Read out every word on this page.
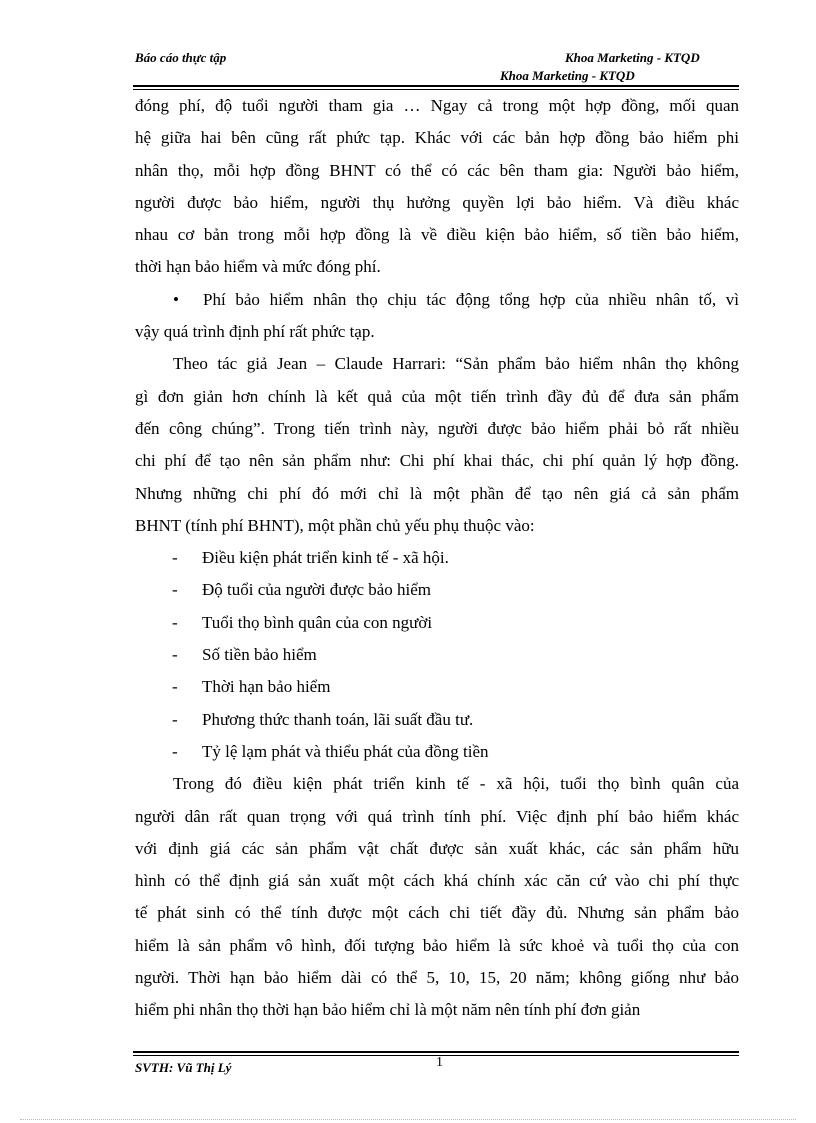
Báo cáo thực tập	Khoa Marketing - KTQD
Khoa Marketing - KTQD
đóng phí, độ tuổi người tham gia … Ngay cả trong một hợp đồng, mối quan
hệ giữa hai bên cũng rất phức tạp. Khác với các bản hợp đồng bảo hiểm phi
nhân thọ, mỗi hợp đồng BHNT có thể có các bên tham gia: Người bảo hiểm,
người được bảo hiểm, người thụ hưởng quyền lợi bảo hiểm. Và điều khác
nhau cơ bản trong mỗi hợp đồng là về điều kiện bảo hiểm, số tiền bảo hiểm,
thời hạn bảo hiểm và mức đóng phí.
•	Phí bảo hiểm nhân thọ chịu tác động tổng hợp của nhiều nhân tố, vì
vậy quá trình định phí rất phức tạp.
Theo tác giả Jean – Claude Harrari: “Sản phẩm bảo hiểm nhân thọ không
gì đơn giản hơn chính là kết quả của một tiến trình đầy đủ để đưa sản phẩm
đến công chúng”. Trong tiến trình này, người được bảo hiểm phải bỏ rất nhiều
chi phí để tạo nên sản phẩm như: Chi phí khai thác, chi phí quản lý hợp đồng.
Nhưng những chi phí đó mới chỉ là một phần để tạo nên giá cả sản phẩm
BHNT (tính phí BHNT), một phần chủ yếu phụ thuộc vào:
- Điều kiện phát triển kinh tế - xã hội.
- Độ tuổi của người được bảo hiểm
- Tuổi thọ bình quân của con người
- Số tiền bảo hiểm
- Thời hạn bảo hiểm
- Phương thức thanh toán, lãi suất đầu tư.
- Tỷ lệ lạm phát và thiểu phát của đồng tiền
Trong đó điều kiện phát triển kinh tế - xã hội, tuổi thọ bình quân của
người dân rất quan trọng với quá trình tính phí. Việc định phí bảo hiểm khác
với định giá các sản phẩm vật chất được sản xuất khác, các sản phẩm hữu
hình có thể định giá sản xuất một cách khá chính xác căn cứ vào chi phí thực
tế phát sinh có thể tính được một cách chi tiết đầy đủ. Nhưng sản phẩm bảo
hiểm là sản phẩm vô hình, đối tượng bảo hiểm là sức khoẻ và tuổi thọ của con
người. Thời hạn bảo hiểm dài có thể 5, 10, 15, 20 năm; không giống như bảo
hiểm phi nhân thọ thời hạn bảo hiểm chỉ là một năm nên tính phí đơn giản
SVTH: Vũ Thị Lý	1
